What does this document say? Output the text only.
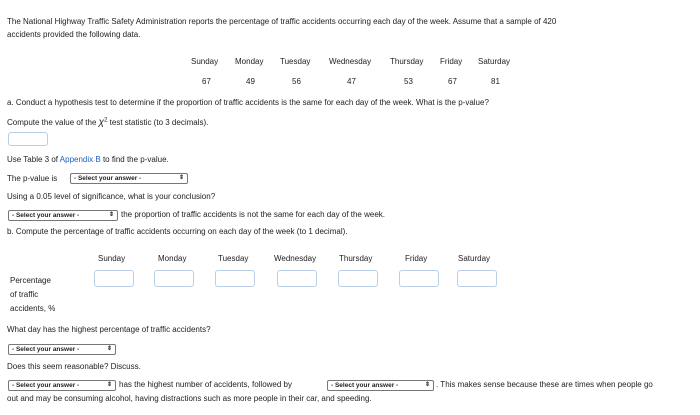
The National Highway Traffic Safety Administration reports the percentage of traffic accidents occurring each day of the week. Assume that a sample of 420
accidents provided the following data.
Sunday Monday Tuesday Wednesday Thursday Friday Saturday
67	49	56	47	53	67	81
a. Conduct a hypothesis test to determine if the proportion of traffic accidents is the same for each day of the week. What is the p-value?
Compute the value of the $\chi^2$ test statistic (to 3 decimals).
Use Table 3 of Appendix B to find the p-value.
The p-value is	- Select your answer -	⇕
Using a 0.05 level of significance, what is your conclusion?
- Select your answer -	⇕ the proportion of traffic accidents is not the same for each day of the week.
b. Compute the percentage of traffic accidents occurring on each day of the week (to 1 decimal).
Sunday	Monday	Tuesday	Wednesday	Thursday	Friday	Saturday
Percentage
of traffic
accidents, %
What day has the highest percentage of traffic accidents?
- Select your answer -	⇕
Does this seem reasonable? Discuss.
- Select your answer -	⇕ has the highest number of accidents, followed by	- Select your answer -	⇕ . This makes sense because these are times when people go
out and may be consuming alcohol, having distractions such as more people in their car, and speeding.
